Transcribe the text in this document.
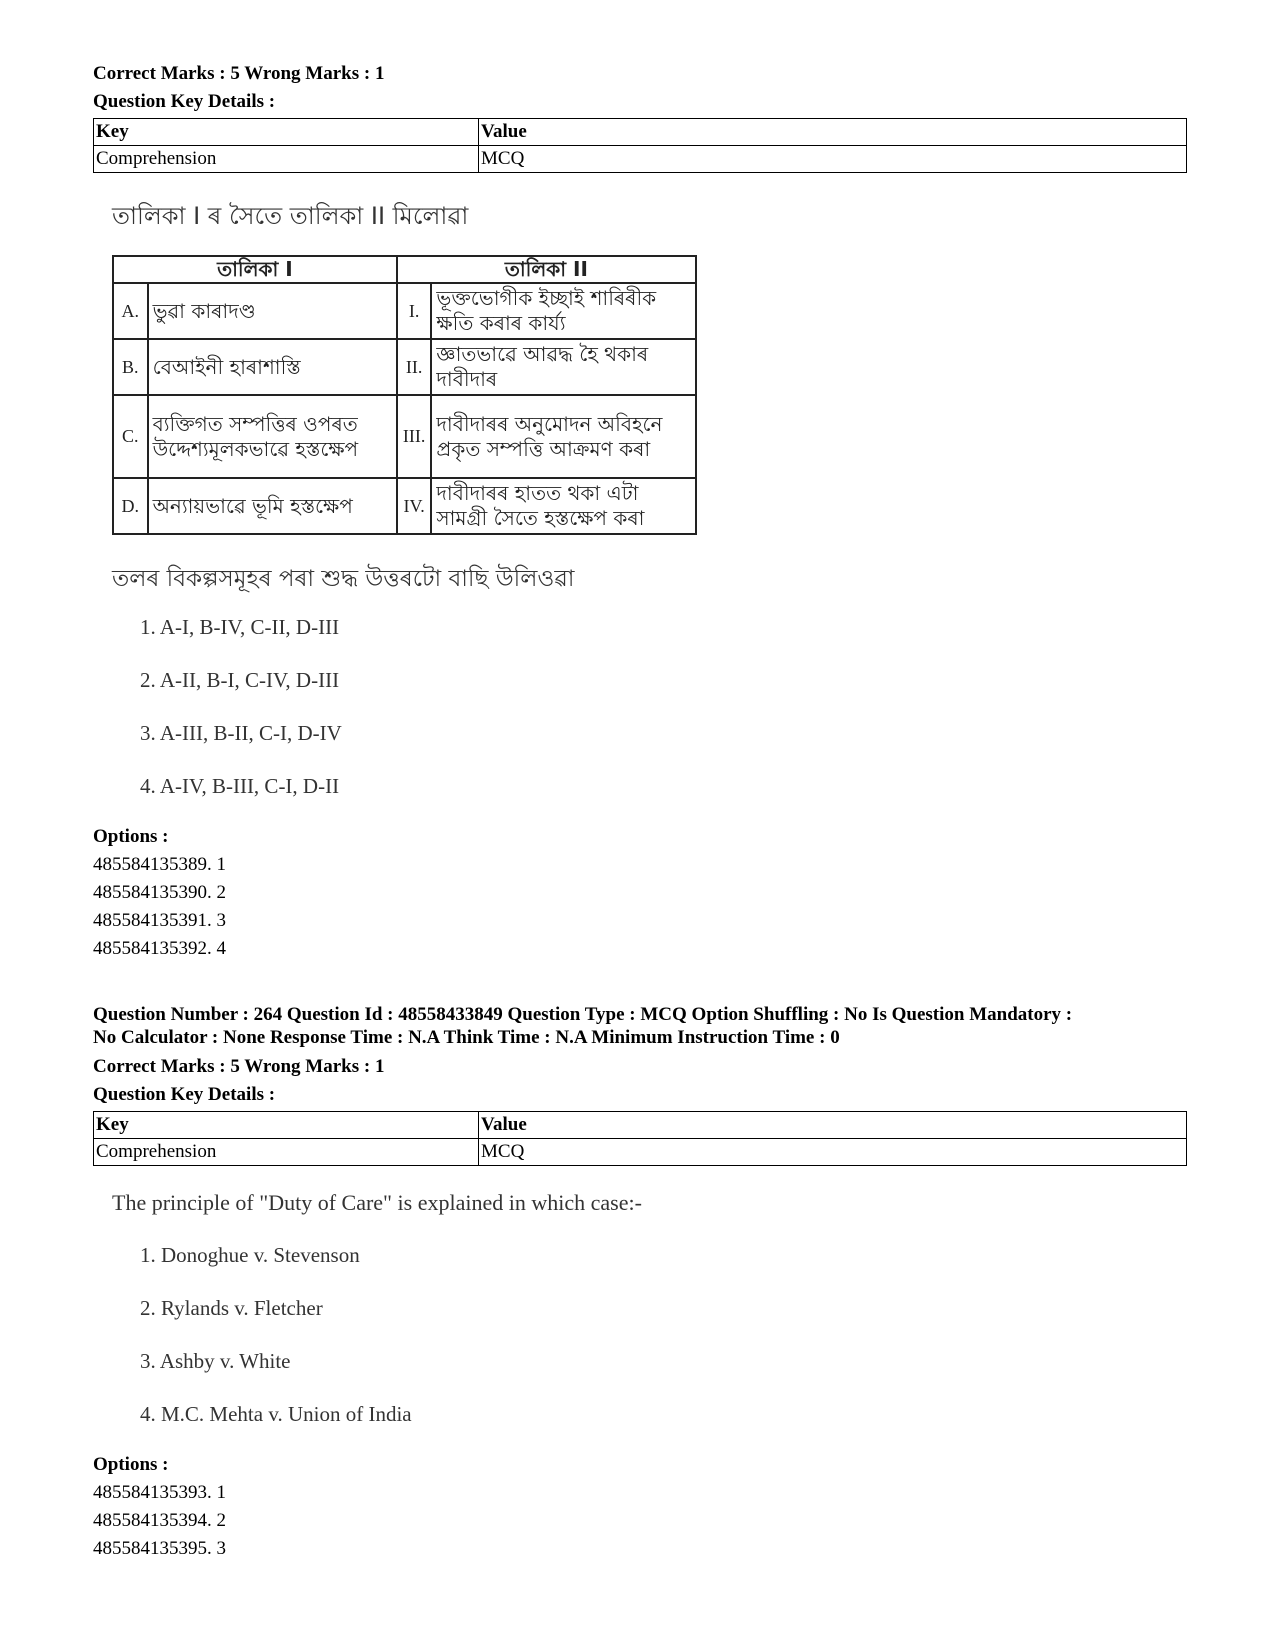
Correct Marks : 5 Wrong Marks : 1
Question Key Details :
Key	Value
Comprehension	MCQ
তালিকা I ৰ সৈতে তালিকা II মিলোৱা
তালিকা I		তালিকা II	
A.	ভুৱা কাৰাদণ্ড	I.	ভূক্তভোগীক ইচ্ছাই শাৰিৰীক ক্ষতি কৰাৰ কাৰ্য্য
B.	বেআইনী হাৰাশাস্তি	II.	জ্ঞাতভাৱে আৱদ্ধ হৈ থকাৰ দাবীদাৰ
C.	ব্যক্তিগত সম্পত্তিৰ ওপৰত উদ্দেশ্যমূলকভাৱে হস্তক্ষেপ	III.	দাবীদাৰৰ অনুমোদন অবিহনে প্ৰকৃত সম্পত্তি আক্ৰমণ কৰা
D.	অন্যায়ভাৱে ভূমি হস্তক্ষেপ	IV.	দাবীদাৰৰ হাতত থকা এটা সামগ্ৰী সৈতে হস্তক্ষেপ কৰা
তলৰ বিকল্পসমূহৰ পৰা শুদ্ধ উত্তৰটো বাছি উলিওৱা
1. A-I, B-IV, C-II, D-III
2. A-II, B-I, C-IV, D-III
3. A-III, B-II, C-I, D-IV
4. A-IV, B-III, C-I, D-II
Options :
485584135389. 1
485584135390. 2
485584135391. 3
485584135392. 4
Question Number : 264 Question Id : 48558433849 Question Type : MCQ Option Shuffling : No Is Question Mandatory :
No Calculator : None Response Time : N.A Think Time : N.A Minimum Instruction Time : 0
Correct Marks : 5 Wrong Marks : 1
Question Key Details :
Key	Value
Comprehension	MCQ
The principle of "Duty of Care" is explained in which case:-
1. Donoghue v. Stevenson
2. Rylands v. Fletcher
3. Ashby v. White
4. M.C. Mehta v. Union of India
Options :
485584135393. 1
485584135394. 2
485584135395. 3
